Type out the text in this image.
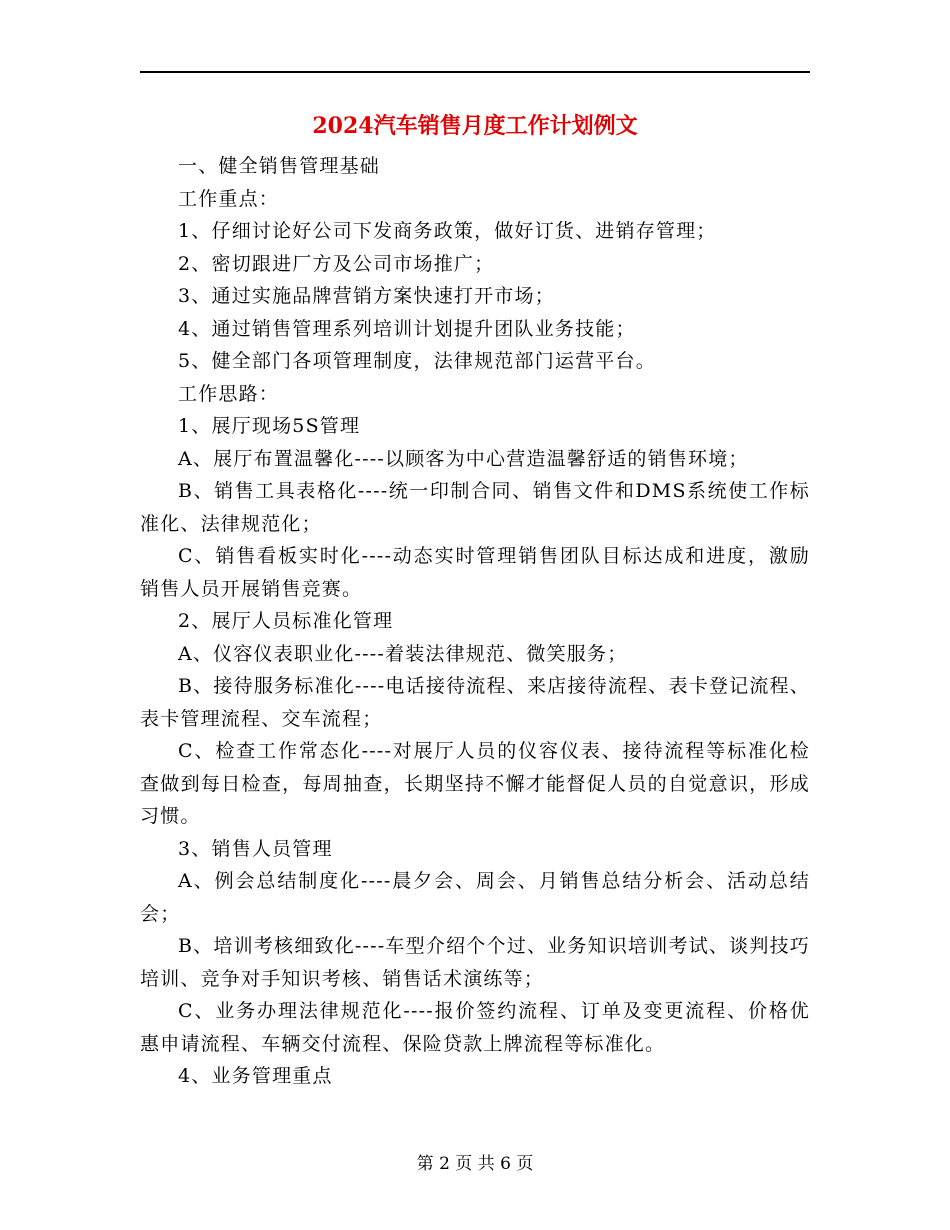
2024汽车销售月度工作计划例文

一、健全销售管理基础

工作重点：

1、仔细讨论好公司下发商务政策，做好订货、进销存管理；

2、密切跟进厂方及公司市场推广；

3、通过实施品牌营销方案快速打开市场；

4、通过销售管理系列培训计划提升团队业务技能；

5、健全部门各项管理制度，法律规范部门运营平台。

工作思路：

1、展厅现场5S管理

A、展厅布置温馨化----以顾客为中心营造温馨舒适的销售环境；

B、销售工具表格化----统一印制合同、销售文件和DMS系统使工作标准化、法律规范化；

C、销售看板实时化----动态实时管理销售团队目标达成和进度，激励销售人员开展销售竞赛。

2、展厅人员标准化管理

A、仪容仪表职业化----着装法律规范、微笑服务；

B、接待服务标准化----电话接待流程、来店接待流程、表卡登记流程、表卡管理流程、交车流程；

C、检查工作常态化----对展厅人员的仪容仪表、接待流程等标准化检查做到每日检查，每周抽查，长期坚持不懈才能督促人员的自觉意识，形成习惯。

3、销售人员管理

A、例会总结制度化----晨夕会、周会、月销售总结分析会、活动总结会；

B、培训考核细致化----车型介绍个个过、业务知识培训考试、谈判技巧培训、竞争对手知识考核、销售话术演练等；

C、业务办理法律规范化----报价签约流程、订单及变更流程、价格优惠申请流程、车辆交付流程、保险贷款上牌流程等标准化。

4、业务管理重点

第 2 页 共 6 页
